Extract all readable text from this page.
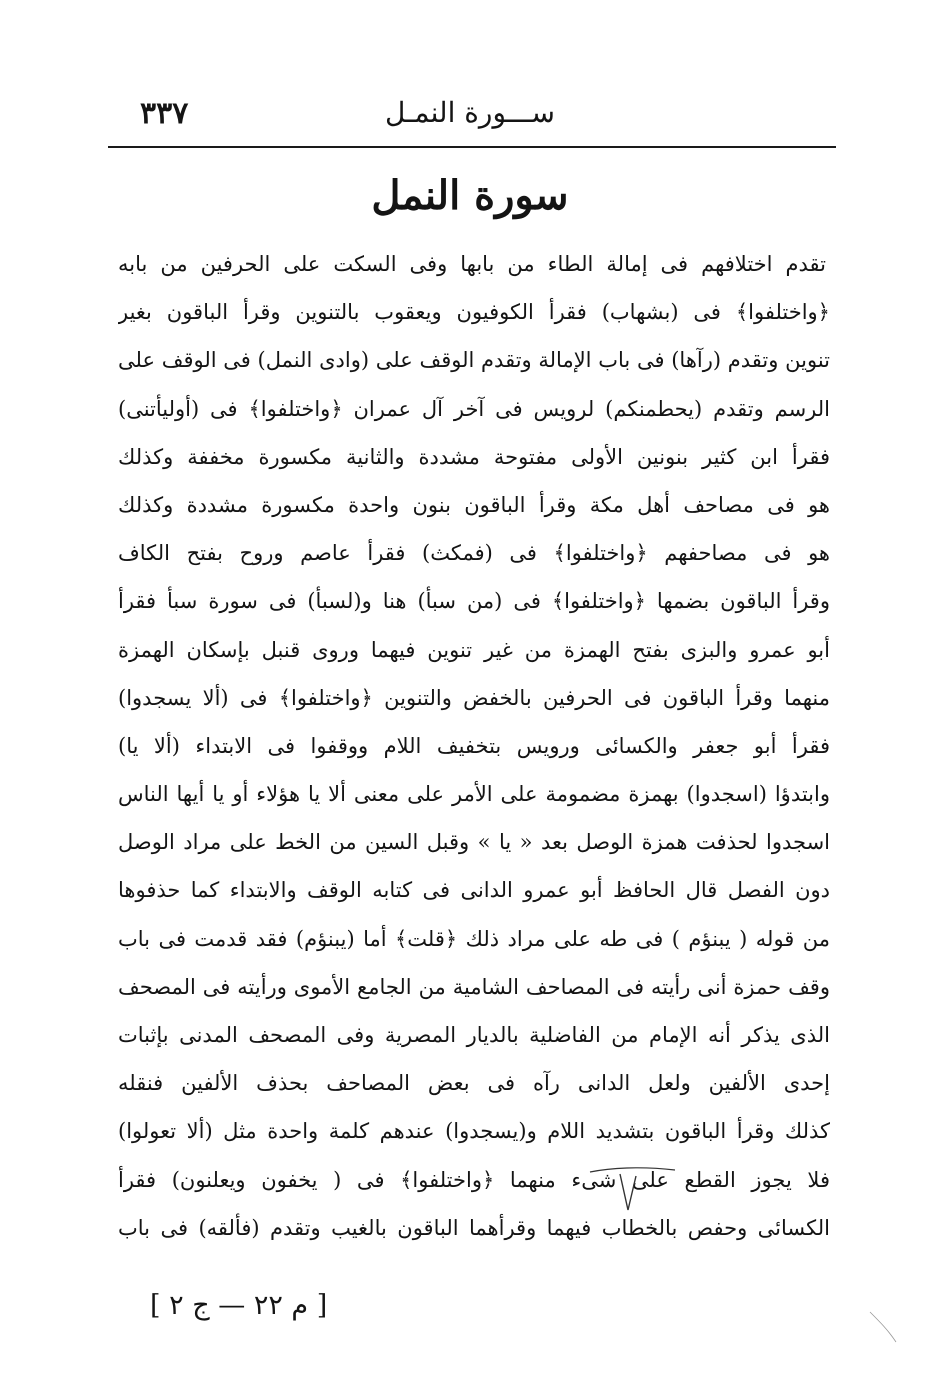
٣٣٧	ســـورة النمـل
سورة النمل
تقدم اختلافهم فى إمالة الطاء من بابها وفى السكت على الحرفين من بابه
﴿واختلفوا﴾ فى (بشهاب) فقرأ الكوفيون ويعقوب بالتنوين وقرأ الباقون بغير
تنوين وتقدم (رآها) فى باب الإمالة وتقدم الوقف على (وادى النمل) فى الوقف على
الرسم وتقدم (يحطمنكم) لرويس فى آخر آل عمران ﴿واختلفوا﴾ فى (أوليأتنى)
فقرأ ابن كثير بنونين الأولى مفتوحة مشددة والثانية مكسورة مخففة وكذلك
هو فى مصاحف أهل مكة وقرأ الباقون بنون واحدة مكسورة مشددة وكذلك
هو فى مصاحفهم ﴿واختلفوا﴾ فى (فمكث) فقرأ عاصم وروح بفتح الكاف
وقرأ الباقون بضمها ﴿واختلفوا﴾ فى (من سبأ) هنا و(لسبأ) فى سورة سبأ فقرأ
أبو عمرو والبزى بفتح الهمزة من غير تنوين فيهما وروى قنبل بإسكان الهمزة
منهما وقرأ الباقون فى الحرفين بالخفض والتنوين ﴿واختلفوا﴾ فى (ألا يسجدوا)
فقرأ أبو جعفر والكسائى ورويس بتخفيف اللام ووقفوا فى الابتداء (ألا يا)
وابتدؤا (اسجدوا) بهمزة مضمومة على الأمر على معنى ألا يا هؤلاء أو يا أيها الناس
اسجدوا لحذفت همزة الوصل بعد « يا » وقبل السين من الخط على مراد الوصل
دون الفصل قال الحافظ أبو عمرو الدانى فى كتابه الوقف والابتداء كما حذفوها
من قوله ( يبنؤم ) فى طه على مراد ذلك ﴿قلت﴾ أما (يبنؤم) فقد قدمت فى باب
وقف حمزة أنى رأيته فى المصاحف الشامية من الجامع الأموى ورأيته فى المصحف
الذى يذكر أنه الإمام من الفاضلية بالديار المصرية وفى المصحف المدنى بإثبات
إحدى الألفين ولعل الدانى رآه فى بعض المصاحف بحذف الألفين فنقله
كذلك وقرأ الباقون بتشديد اللام و(يسجدوا) عندهم كلمة واحدة مثل (ألا تعولوا)
فلا يجوز القطع على شىء منهما ﴿واختلفوا﴾ فى ( يخفون ويعلنون) فقرأ
الكسائى وحفص بالخطاب فيهما وقرأهما الباقون بالغيب وتقدم (فألقه) فى باب
[ م ٢٢ — ج ٢ ]
